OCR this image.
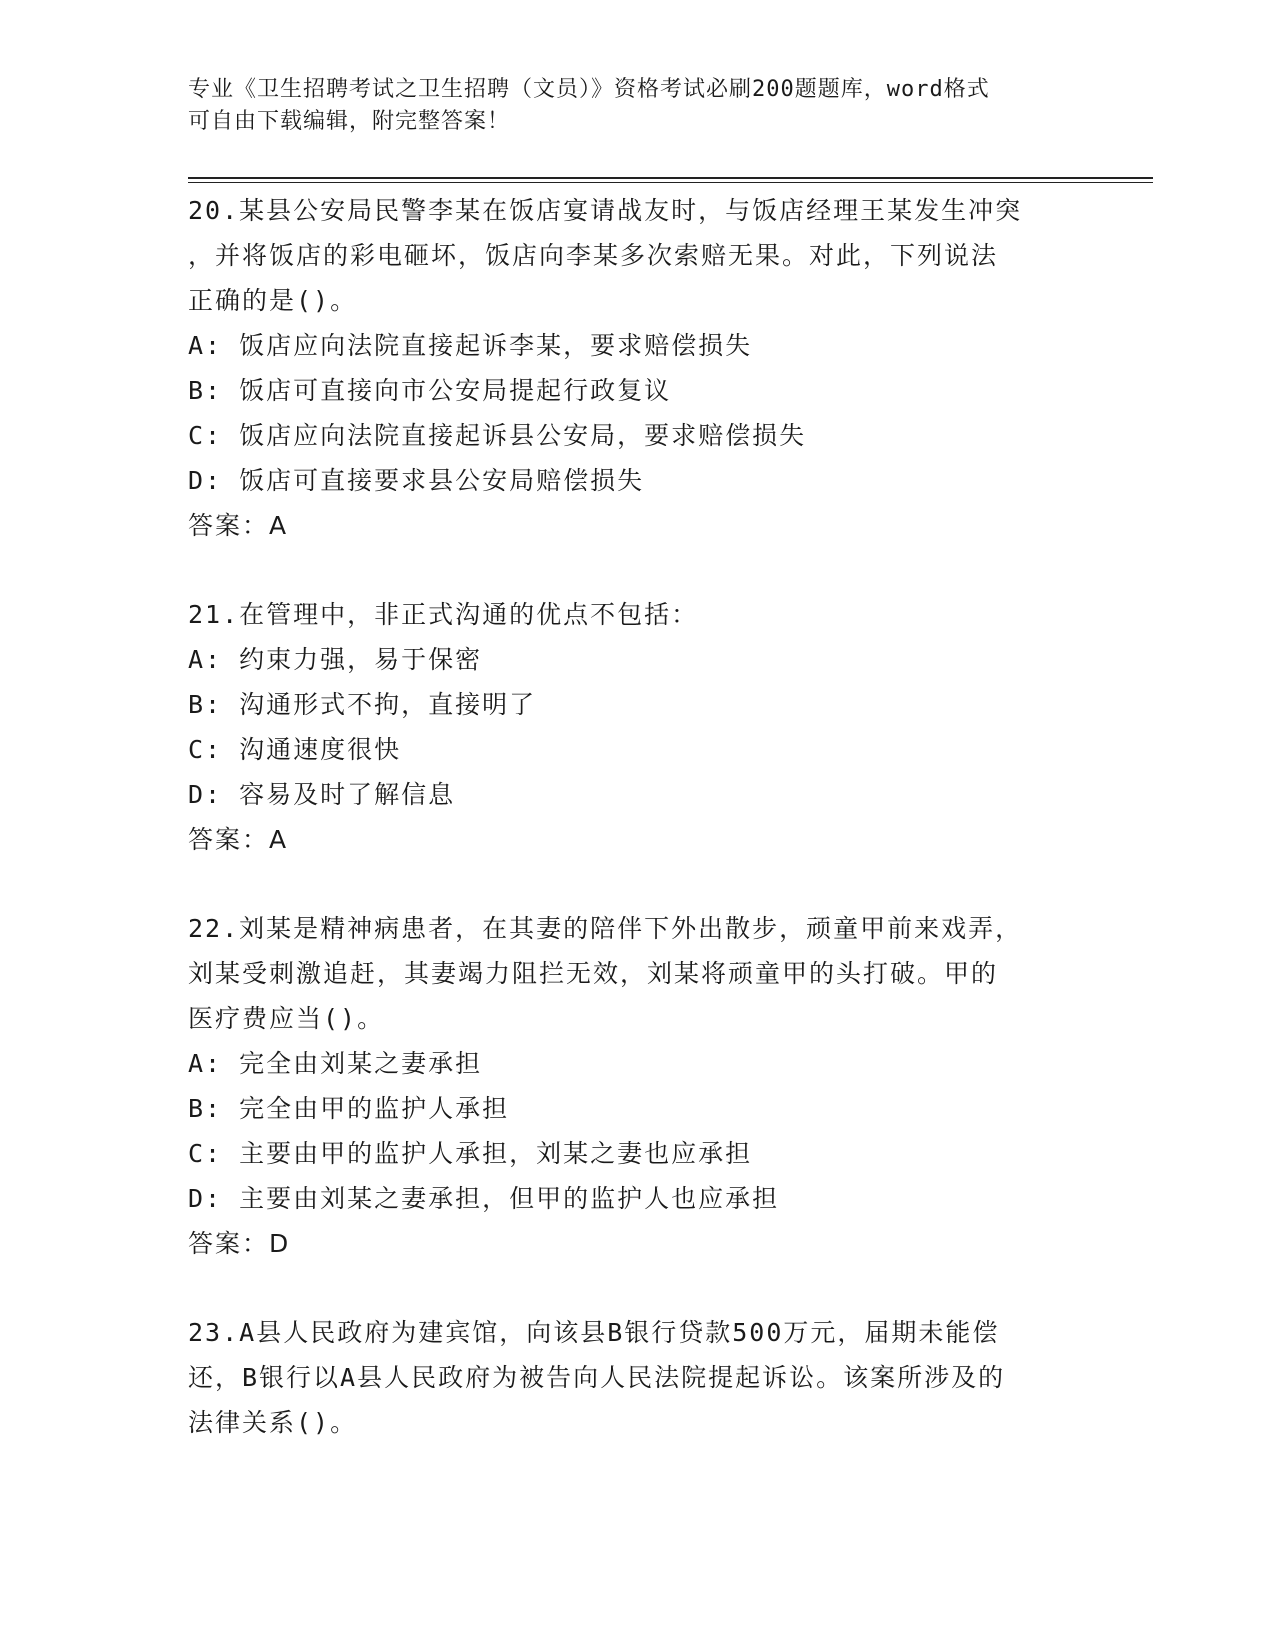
专业《卫生招聘考试之卫生招聘（文员）》资格考试必刷200题题库，word格式
可自由下载编辑，附完整答案！
20.某县公安局民警李某在饭店宴请战友时，与饭店经理王某发生冲突
，并将饭店的彩电砸坏，饭店向李某多次索赔无果。对此，下列说法
正确的是()。
A: 饭店应向法院直接起诉李某，要求赔偿损失
B: 饭店可直接向市公安局提起行政复议
C: 饭店应向法院直接起诉县公安局，要求赔偿损失
D: 饭店可直接要求县公安局赔偿损失
答案：A
21.在管理中，非正式沟通的优点不包括：
A: 约束力强，易于保密
B: 沟通形式不拘，直接明了
C: 沟通速度很快
D: 容易及时了解信息
答案：A
22.刘某是精神病患者，在其妻的陪伴下外出散步，顽童甲前来戏弄，
刘某受刺激追赶，其妻竭力阻拦无效，刘某将顽童甲的头打破。甲的
医疗费应当()。
A: 完全由刘某之妻承担
B: 完全由甲的监护人承担
C: 主要由甲的监护人承担，刘某之妻也应承担
D: 主要由刘某之妻承担，但甲的监护人也应承担
答案：D
23.A县人民政府为建宾馆，向该县B银行贷款500万元，届期未能偿
还，B银行以A县人民政府为被告向人民法院提起诉讼。该案所涉及的
法律关系()。
